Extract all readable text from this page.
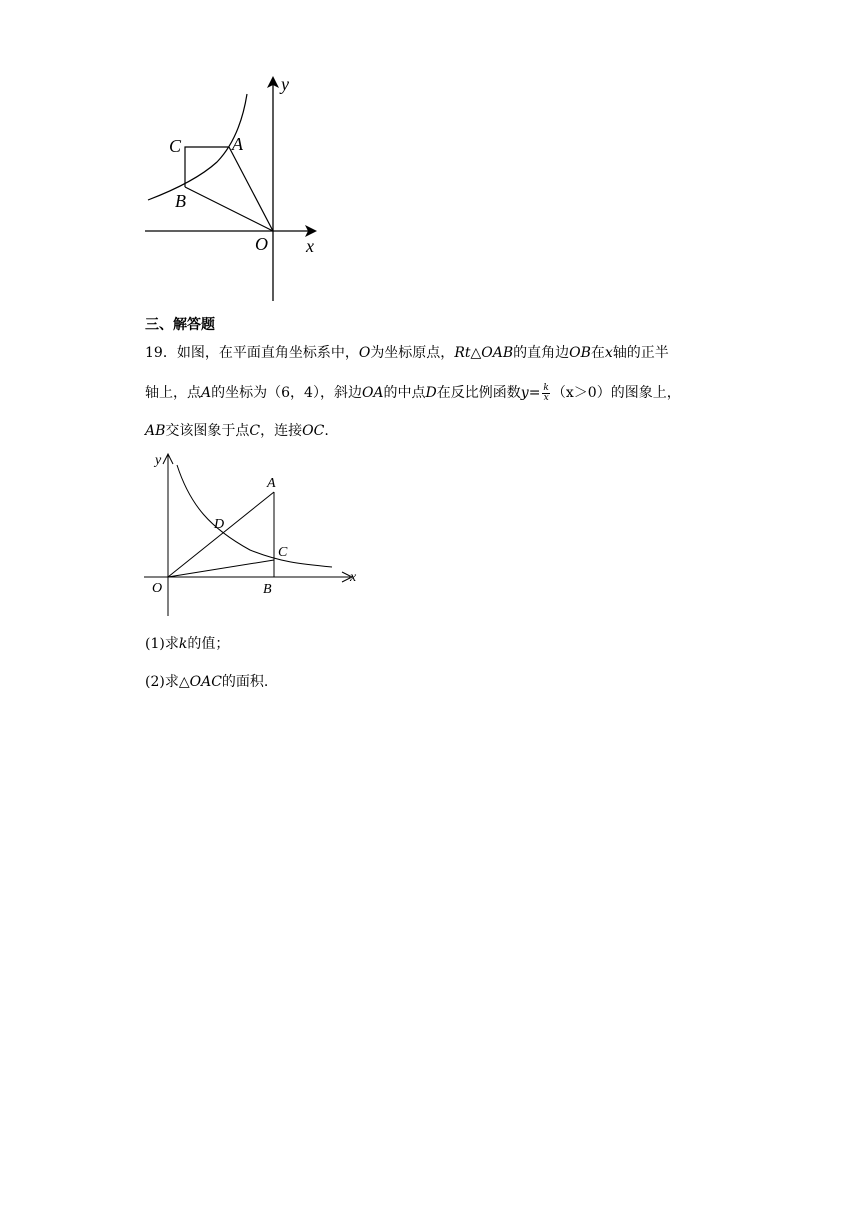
y
x
O
A
B
C
三、解答题
19．如图，在平面直角坐标系中，O为坐标原点，Rt△OAB的直角边OB在x轴的正半
轴上，点A的坐标为（6，4），斜边OA的中点D在反比例函数$y= \frac{k}{x} (x>0)$的图象上，
AB交该图象于点C，连接OC.
y
x
O
A
B
C
D
(1)求k的值；
(2)求△OAC的面积.
